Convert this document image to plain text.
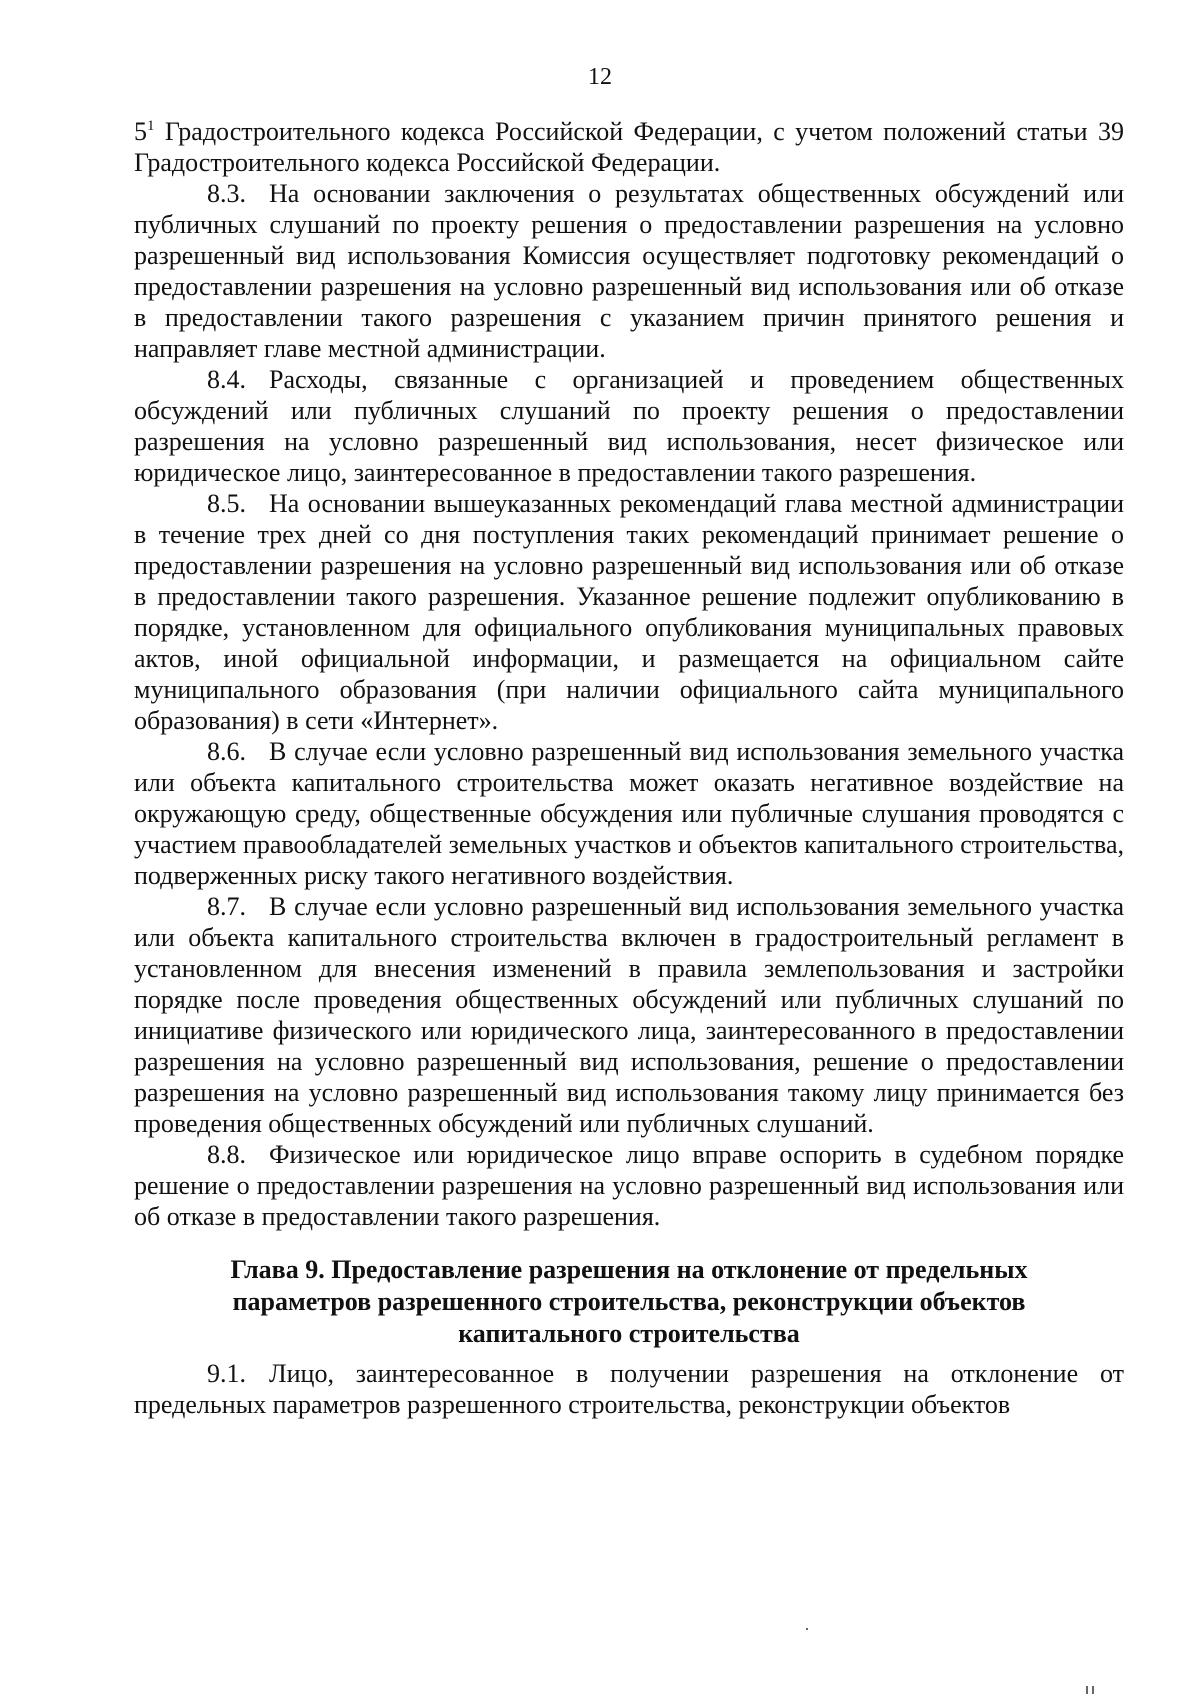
12

$5^1$ Градостроительного кодекса Российской Федерации, с учетом положений статьи 39 Градостроительного кодекса Российской Федерации.

8.3. На основании заключения о результатах общественных обсуждений или публичных слушаний по проекту решения о предоставлении разрешения на условно разрешенный вид использования Комиссия осуществляет подготовку рекомендаций о предоставлении разрешения на условно разрешенный вид использования или об отказе в предоставлении такого разрешения с указанием причин принятого решения и направляет главе местной администрации.

8.4. Расходы, связанные с организацией и проведением общественных обсуждений или публичных слушаний по проекту решения о предоставлении разрешения на условно разрешенный вид использования, несет физическое или юридическое лицо, заинтересованное в предоставлении такого разрешения.

8.5. На основании вышеуказанных рекомендаций глава местной администрации в течение трех дней со дня поступления таких рекомендаций принимает решение о предоставлении разрешения на условно разрешенный вид использования или об отказе в предоставлении такого разрешения. Указанное решение подлежит опубликованию в порядке, установленном для официального опубликования муниципальных правовых актов, иной официальной информации, и размещается на официальном сайте муниципального образования (при наличии официального сайта муниципального образования) в сети «Интернет».

8.6. В случае если условно разрешенный вид использования земельного участка или объекта капитального строительства может оказать негативное воздействие на окружающую среду, общественные обсуждения или публичные слушания проводятся с участием правообладателей земельных участков и объектов капитального строительства, подверженных риску такого негативного воздействия.

8.7. В случае если условно разрешенный вид использования земельного участка или объекта капитального строительства включен в градостроительный регламент в установленном для внесения изменений в правила землепользования и застройки порядке после проведения общественных обсуждений или публичных слушаний по инициативе физического или юридического лица, заинтересованного в предоставлении разрешения на условно разрешенный вид использования, решение о предоставлении разрешения на условно разрешенный вид использования такому лицу принимается без проведения общественных обсуждений или публичных слушаний.

8.8. Физическое или юридическое лицо вправе оспорить в судебном порядке решение о предоставлении разрешения на условно разрешенный вид использования или об отказе в предоставлении такого разрешения.

Глава 9. Предоставление разрешения на отклонение от предельных параметров разрешенного строительства, реконструкции объектов капитального строительства

9.1. Лицо, заинтересованное в получении разрешения на отклонение от предельных параметров разрешенного строительства, реконструкции объектов
